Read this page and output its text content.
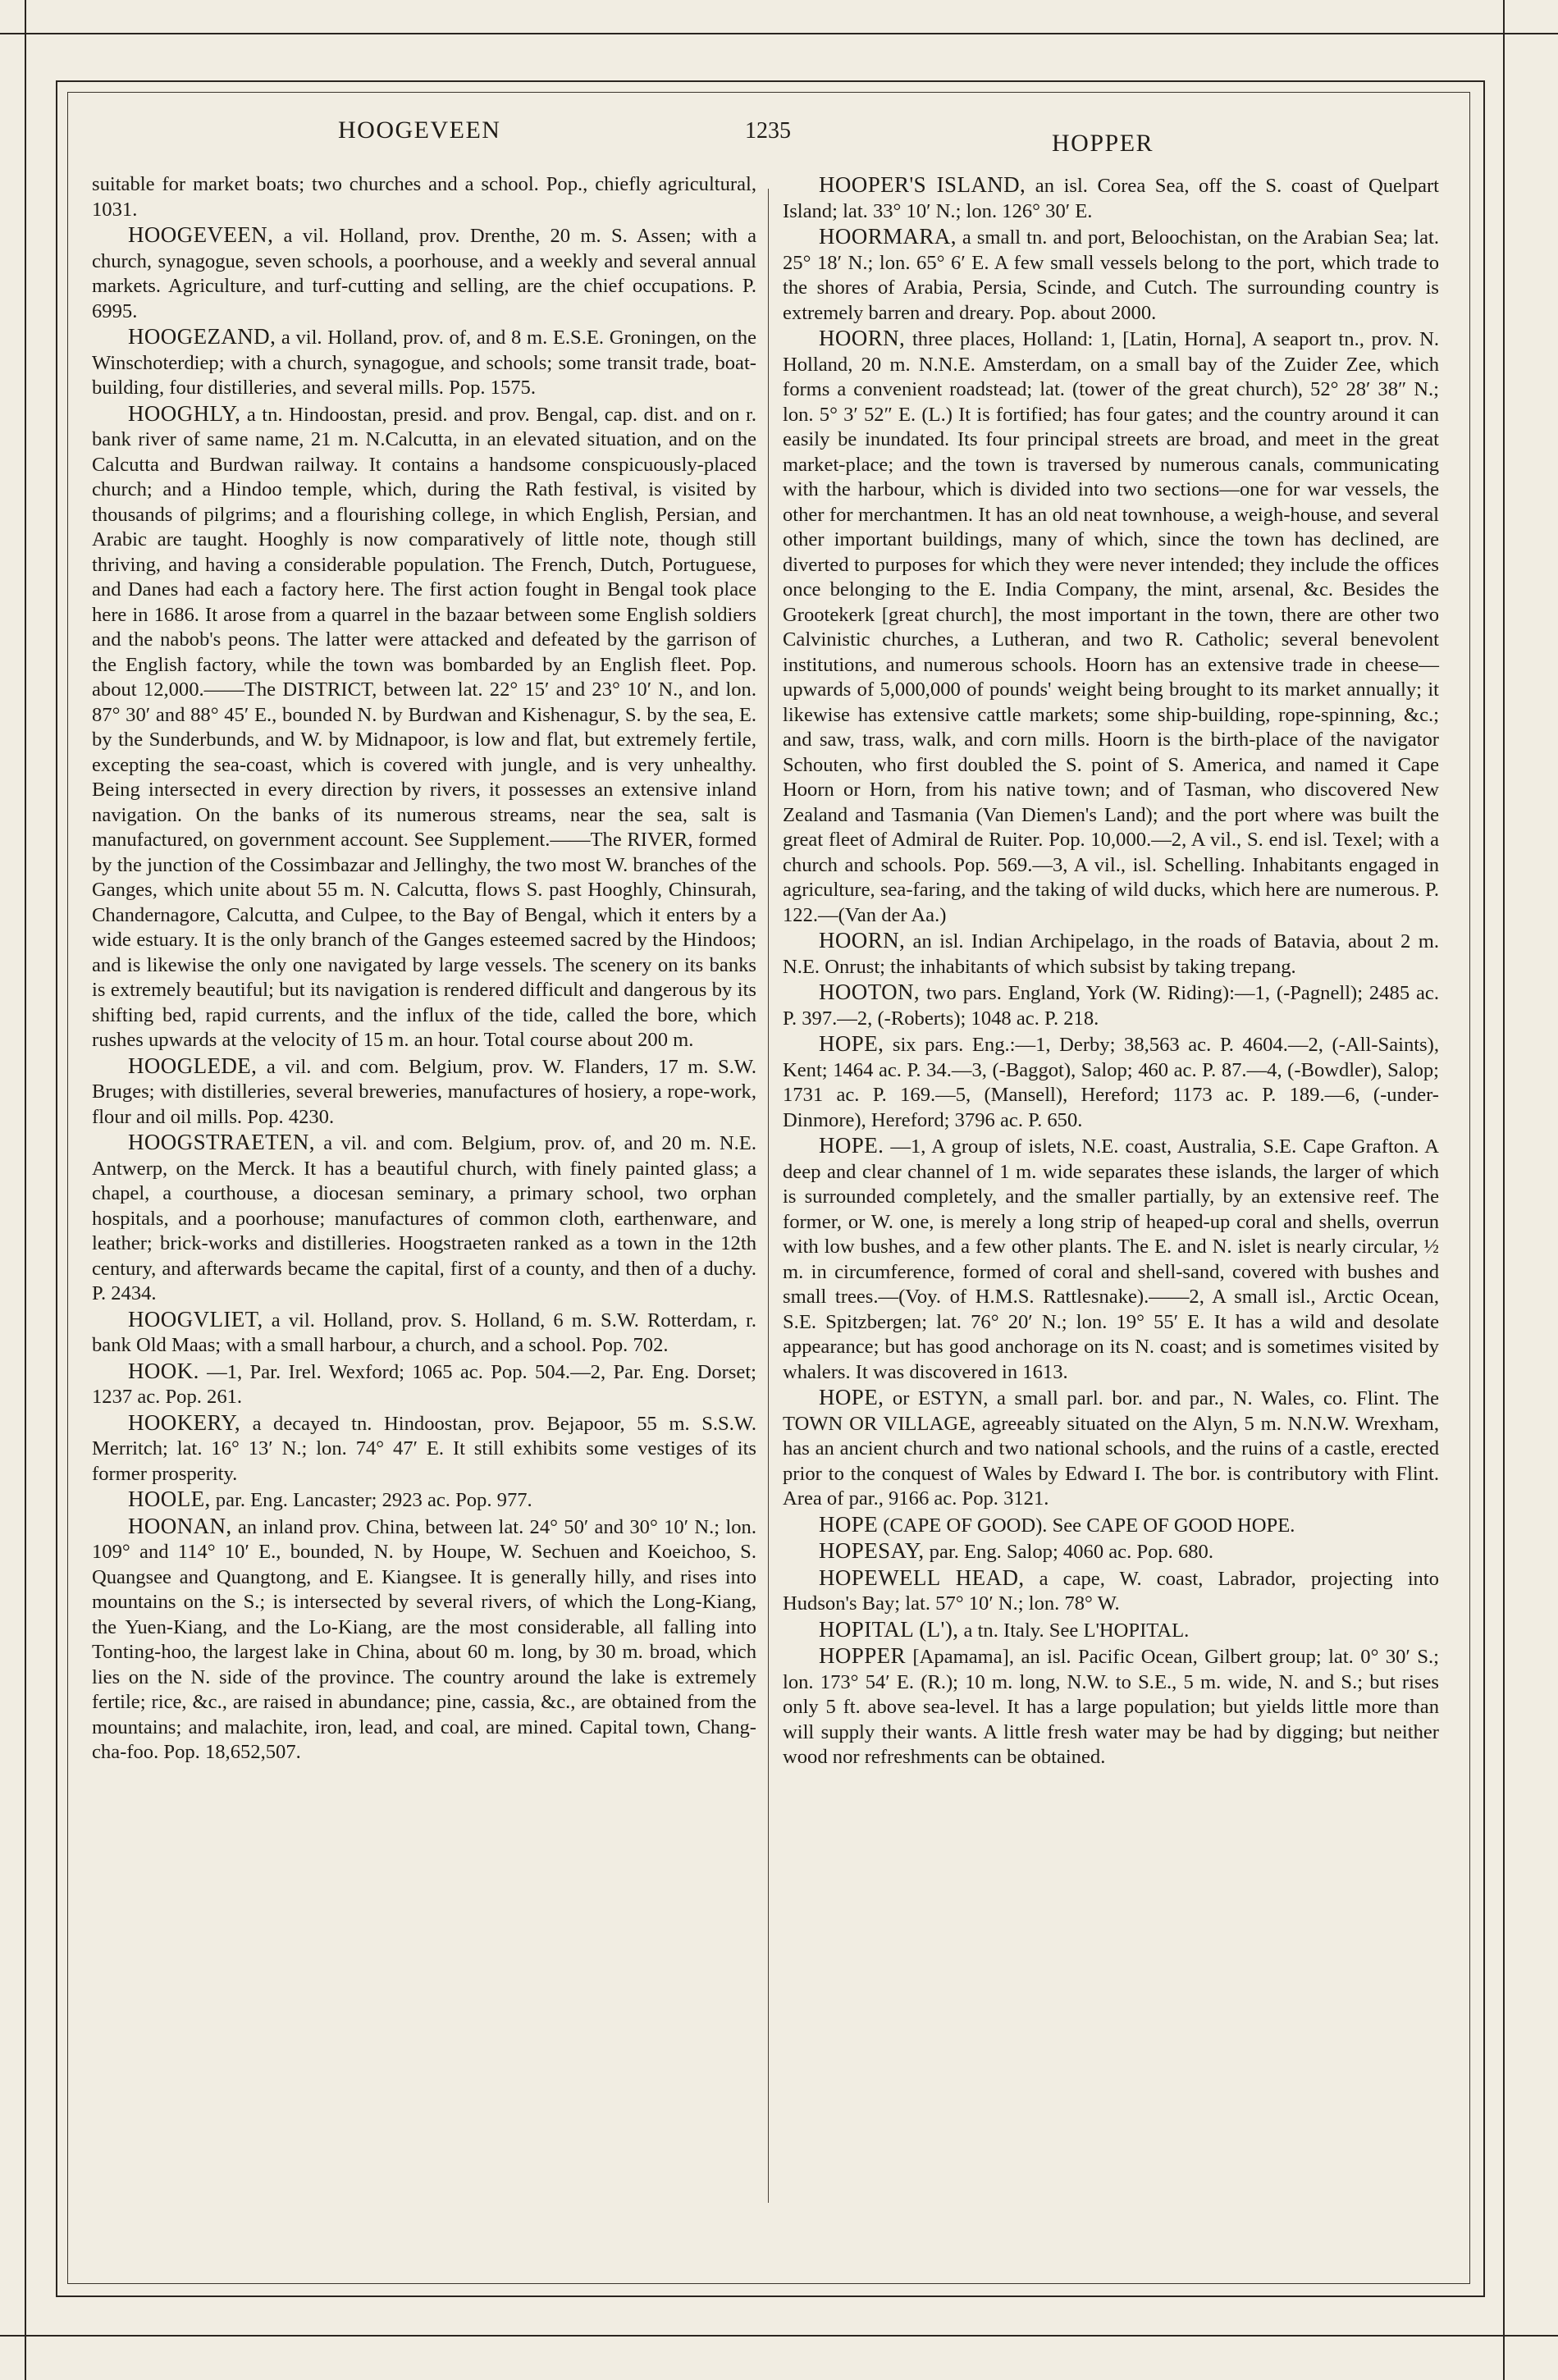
HOOGEVEEN	1235	HOPPER

suitable for market boats; two churches and a school. Pop., chiefly agricultural, 1031.

HOOGEVEEN, a vil. Holland, prov. Drenthe, 20 m. S. Assen; with a church, synagogue, seven schools, a poorhouse, and a weekly and several annual markets. Agriculture, and turf-cutting and selling, are the chief occupations. P. 6995.

HOOGEZAND, a vil. Holland, prov. of, and 8 m. E.S.E. Groningen, on the Winschoterdiep; with a church, synagogue, and schools; some transit trade, boat-building, four distilleries, and several mills. Pop. 1575.

HOOGHLY, a tn. Hindoostan, presid. and prov. Bengal, cap. dist. and on r. bank river of same name, 21 m. N.Calcutta, in an elevated situation, and on the Calcutta and Burdwan railway. It contains a handsome conspicuously-placed church; and a Hindoo temple, which, during the Rath festival, is visited by thousands of pilgrims; and a flourishing college, in which English, Persian, and Arabic are taught. Hooghly is now comparatively of little note, though still thriving, and having a considerable population. The French, Dutch, Portuguese, and Danes had each a factory here. The first action fought in Bengal took place here in 1686. It arose from a quarrel in the bazaar between some English soldiers and the nabob's peons. The latter were attacked and defeated by the garrison of the English factory, while the town was bombarded by an English fleet. Pop. about 12,000.——The DISTRICT, between lat. 22° 15′ and 23° 10′ N., and lon. 87° 30′ and 88° 45′ E., bounded N. by Burdwan and Kishenagur, S. by the sea, E. by the Sunderbunds, and W. by Midnapoor, is low and flat, but extremely fertile, excepting the sea-coast, which is covered with jungle, and is very unhealthy. Being intersected in every direction by rivers, it possesses an extensive inland navigation. On the banks of its numerous streams, near the sea, salt is manufactured, on government account. See Supplement.——The RIVER, formed by the junction of the Cossimbazar and Jellinghy, the two most W. branches of the Ganges, which unite about 55 m. N. Calcutta, flows S. past Hooghly, Chinsurah, Chandernagore, Calcutta, and Culpee, to the Bay of Bengal, which it enters by a wide estuary. It is the only branch of the Ganges esteemed sacred by the Hindoos; and is likewise the only one navigated by large vessels. The scenery on its banks is extremely beautiful; but its navigation is rendered difficult and dangerous by its shifting bed, rapid currents, and the influx of the tide, called the bore, which rushes upwards at the velocity of 15 m. an hour. Total course about 200 m.

HOOGLEDE, a vil. and com. Belgium, prov. W. Flanders, 17 m. S.W. Bruges; with distilleries, several breweries, manufactures of hosiery, a rope-work, flour and oil mills. Pop. 4230.

HOOGSTRAETEN, a vil. and com. Belgium, prov. of, and 20 m. N.E. Antwerp, on the Merck. It has a beautiful church, with finely painted glass; a chapel, a courthouse, a diocesan seminary, a primary school, two orphan hospitals, and a poorhouse; manufactures of common cloth, earthenware, and leather; brick-works and distilleries. Hoogstraeten ranked as a town in the 12th century, and afterwards became the capital, first of a county, and then of a duchy. P. 2434.

HOOGVLIET, a vil. Holland, prov. S. Holland, 6 m. S.W. Rotterdam, r. bank Old Maas; with a small harbour, a church, and a school. Pop. 702.

HOOK. —1, Par. Irel. Wexford; 1065 ac. Pop. 504.—2, Par. Eng. Dorset; 1237 ac. Pop. 261.

HOOKERY, a decayed tn. Hindoostan, prov. Bejapoor, 55 m. S.S.W. Merritch; lat. 16° 13′ N.; lon. 74° 47′ E. It still exhibits some vestiges of its former prosperity.

HOOLE, par. Eng. Lancaster; 2923 ac. Pop. 977.

HOONAN, an inland prov. China, between lat. 24° 50′ and 30° 10′ N.; lon. 109° and 114° 10′ E., bounded, N. by Houpe, W. Sechuen and Koeichoo, S. Quangsee and Quangtong, and E. Kiangsee. It is generally hilly, and rises into mountains on the S.; is intersected by several rivers, of which the Long-Kiang, the Yuen-Kiang, and the Lo-Kiang, are the most considerable, all falling into Tonting-hoo, the largest lake in China, about 60 m. long, by 30 m. broad, which lies on the N. side of the province. The country around the lake is extremely fertile; rice, &c., are raised in abundance; pine, cassia, &c., are obtained from the mountains; and malachite, iron, lead, and coal, are mined. Capital town, Chang-cha-foo. Pop. 18,652,507.

HOOPER'S ISLAND, an isl. Corea Sea, off the S. coast of Quelpart Island; lat. 33° 10′ N.; lon. 126° 30′ E.

HOORMARA, a small tn. and port, Beloochistan, on the Arabian Sea; lat. 25° 18′ N.; lon. 65° 6′ E. A few small vessels belong to the port, which trade to the shores of Arabia, Persia, Scinde, and Cutch. The surrounding country is extremely barren and dreary. Pop. about 2000.

HOORN, three places, Holland: 1, [Latin, Horna], A seaport tn., prov. N. Holland, 20 m. N.N.E. Amsterdam, on a small bay of the Zuider Zee, which forms a convenient roadstead; lat. (tower of the great church), 52° 28′ 38″ N.; lon. 5° 3′ 52″ E. (L.) It is fortified; has four gates; and the country around it can easily be inundated. Its four principal streets are broad, and meet in the great market-place; and the town is traversed by numerous canals, communicating with the harbour, which is divided into two sections—one for war vessels, the other for merchantmen. It has an old neat townhouse, a weigh-house, and several other important buildings, many of which, since the town has declined, are diverted to purposes for which they were never intended; they include the offices once belonging to the E. India Company, the mint, arsenal, &c. Besides the Grootekerk [great church], the most important in the town, there are other two Calvinistic churches, a Lutheran, and two R. Catholic; several benevolent institutions, and numerous schools. Hoorn has an extensive trade in cheese—upwards of 5,000,000 of pounds' weight being brought to its market annually; it likewise has extensive cattle markets; some ship-building, rope-spinning, &c.; and saw, trass, walk, and corn mills. Hoorn is the birth-place of the navigator Schouten, who first doubled the S. point of S. America, and named it Cape Hoorn or Horn, from his native town; and of Tasman, who discovered New Zealand and Tasmania (Van Diemen's Land); and the port where was built the great fleet of Admiral de Ruiter. Pop. 10,000.—2, A vil., S. end isl. Texel; with a church and schools. Pop. 569.—3, A vil., isl. Schelling. Inhabitants engaged in agriculture, sea-faring, and the taking of wild ducks, which here are numerous. P. 122.—(Van der Aa.)

HOORN, an isl. Indian Archipelago, in the roads of Batavia, about 2 m. N.E. Onrust; the inhabitants of which subsist by taking trepang.

HOOTON, two pars. England, York (W. Riding):—1, (-Pagnell); 2485 ac. P. 397.—2, (-Roberts); 1048 ac. P. 218.

HOPE, six pars. Eng.:—1, Derby; 38,563 ac. P. 4604.—2, (-All-Saints), Kent; 1464 ac. P. 34.—3, (-Baggot), Salop; 460 ac. P. 87.—4, (-Bowdler), Salop; 1731 ac. P. 169.—5, (Mansell), Hereford; 1173 ac. P. 189.—6, (-under-Dinmore), Hereford; 3796 ac. P. 650.

HOPE. —1, A group of islets, N.E. coast, Australia, S.E. Cape Grafton. A deep and clear channel of 1 m. wide separates these islands, the larger of which is surrounded completely, and the smaller partially, by an extensive reef. The former, or W. one, is merely a long strip of heaped-up coral and shells, overrun with low bushes, and a few other plants. The E. and N. islet is nearly circular, ½ m. in circumference, formed of coral and shell-sand, covered with bushes and small trees.—(Voy. of H.M.S. Rattlesnake).——2, A small isl., Arctic Ocean, S.E. Spitzbergen; lat. 76° 20′ N.; lon. 19° 55′ E. It has a wild and desolate appearance; but has good anchorage on its N. coast; and is sometimes visited by whalers. It was discovered in 1613.

HOPE, or ESTYN, a small parl. bor. and par., N. Wales, co. Flint. The TOWN OR VILLAGE, agreeably situated on the Alyn, 5 m. N.N.W. Wrexham, has an ancient church and two national schools, and the ruins of a castle, erected prior to the conquest of Wales by Edward I. The bor. is contributory with Flint. Area of par., 9166 ac. Pop. 3121.

HOPE (CAPE OF GOOD). See CAPE OF GOOD HOPE.

HOPESAY, par. Eng. Salop; 4060 ac. Pop. 680.

HOPEWELL HEAD, a cape, W. coast, Labrador, projecting into Hudson's Bay; lat. 57° 10′ N.; lon. 78° W.

HOPITAL (L'), a tn. Italy. See L'HOPITAL.

HOPPER [Apamama], an isl. Pacific Ocean, Gilbert group; lat. 0° 30′ S.; lon. 173° 54′ E. (R.); 10 m. long, N.W. to S.E., 5 m. wide, N. and S.; but rises only 5 ft. above sea-level. It has a large population; but yields little more than will supply their wants. A little fresh water may be had by digging; but neither wood nor refreshments can be obtained.
